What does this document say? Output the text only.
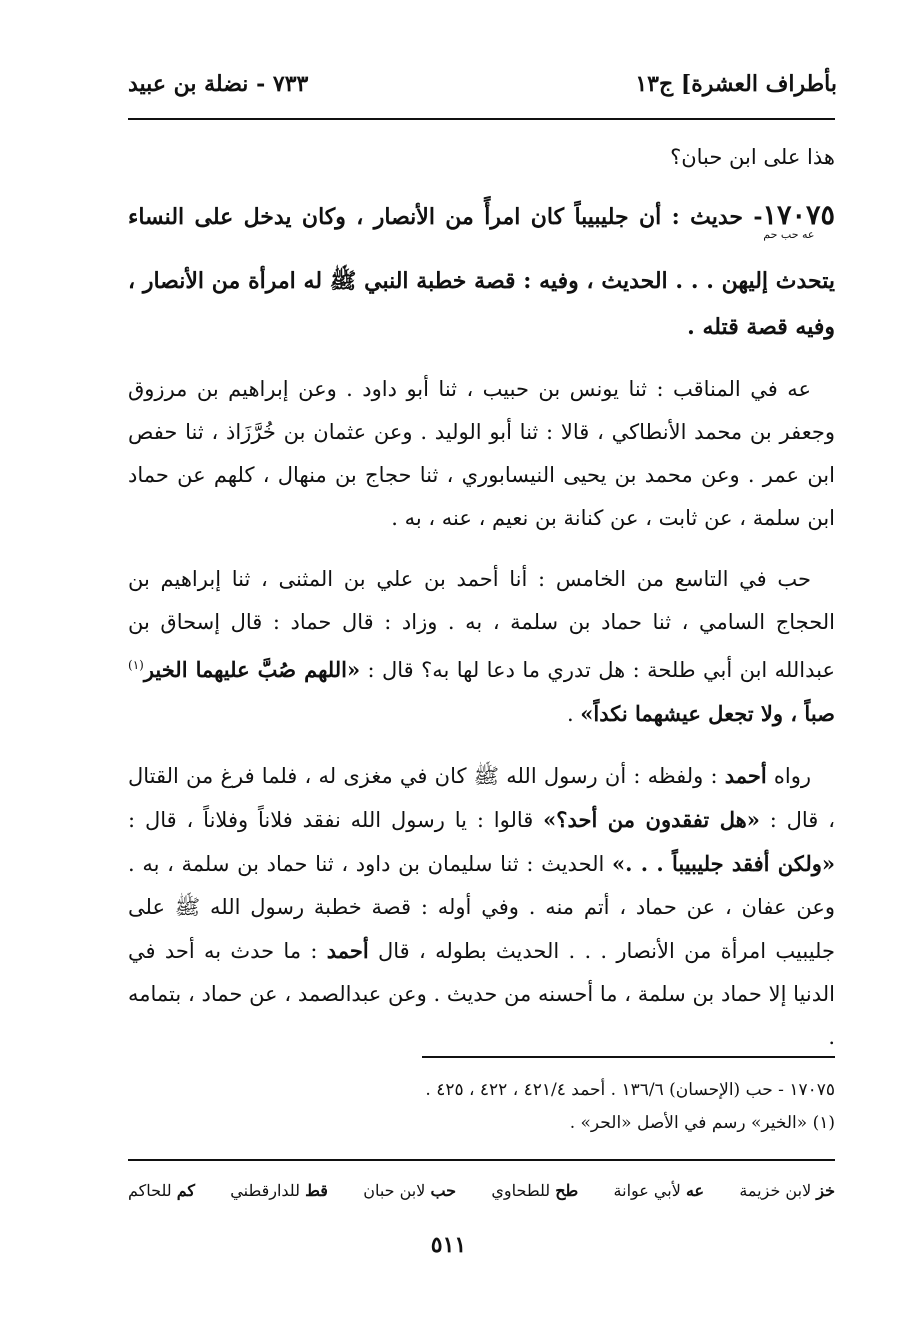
بأطراف العشرة] ج١٣
٧٣٣ - نضلة بن عبيد

هذا على ابن حبان؟

١٧٠٧٥عه حب حم- حديث : أن جليبيباً كان امرأً من الأنصار ، وكان يدخل على النساء يتحدث إليهن . . . الحديث ، وفيه : قصة خطبة النبي ﷺ له امرأة من الأنصار ، وفيه قصة قتله .

عه في المناقب : ثنا يونس بن حبيب ، ثنا أبو داود . وعن إبراهيم بن مرزوق وجعفر بن محمد الأنطاكي ، قالا : ثنا أبو الوليد . وعن عثمان بن خُرَّزَاذ ، ثنا حفص ابن عمر . وعن محمد بن يحيى النيسابوري ، ثنا حجاج بن منهال ، كلهم عن حماد ابن سلمة ، عن ثابت ، عن كنانة بن نعيم ، عنه ، به .

حب في التاسع من الخامس : أنا أحمد بن علي بن المثنى ، ثنا إبراهيم بن الحجاج السامي ، ثنا حماد بن سلمة ، به . وزاد : قال حماد : قال إسحاق بن عبدالله ابن أبي طلحة : هل تدري ما دعا لها به؟ قال : «اللهم صُبَّ عليهما الخير$^{(١)}$ صباً ، ولا تجعل عيشهما نكداً» .

رواه أحمد : ولفظه : أن رسول الله ﷺ كان في مغزى له ، فلما فرغ من القتال ، قال : «هل تفقدون من أحد؟» قالوا : يا رسول الله نفقد فلاناً وفلاناً ، قال : «ولكن أفقد جليبيباً . . .» الحديث : ثنا سليمان بن داود ، ثنا حماد بن سلمة ، به . وعن عفان ، عن حماد ، أتم منه . وفي أوله : قصة خطبة رسول الله ﷺ على جليبيب امرأة من الأنصار . . . الحديث بطوله ، قال أحمد : ما حدث به أحد في الدنيا إلا حماد بن سلمة ، ما أحسنه من حديث . وعن عبدالصمد ، عن حماد ، بتمامه .

١٧٠٧٥ - حب (الإحسان) ١٣٦/٦ . أحمد ٤٢١/٤ ، ٤٢٢ ، ٤٢٥ .
(١) «الخير» رسم في الأصل «الحر» .
خز لابن خزيمة
عه لأبي عوانة
طح للطحاوي
حب لابن حبان
قط للدارقطني
كم للحاكم
٥١١
